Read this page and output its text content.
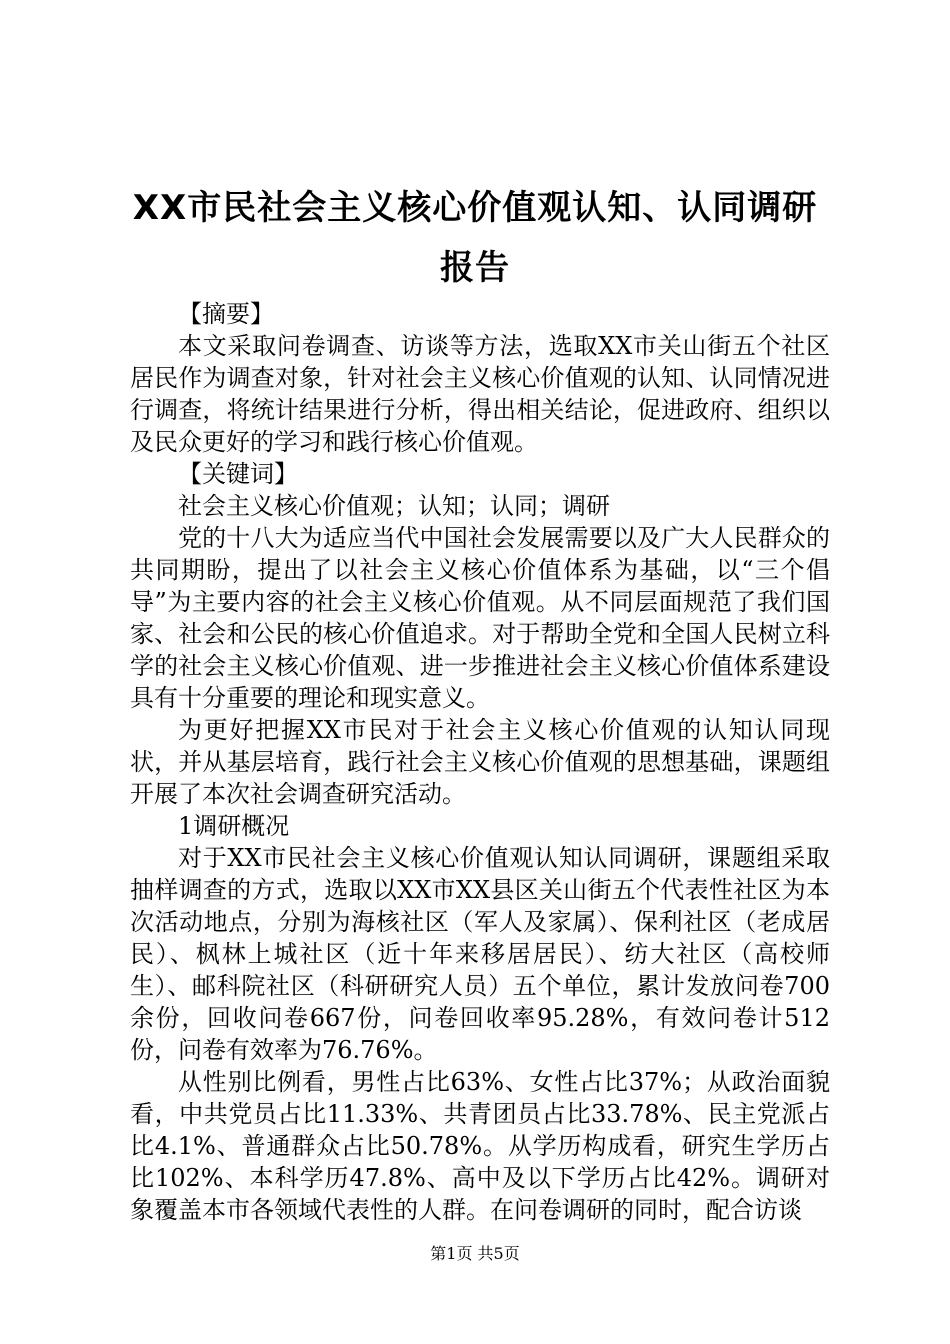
XX市民社会主义核心价值观认知、认同调研报告

【摘要】

本文采取问卷调查、访谈等方法，选取XX市关山街五个社区居民作为调查对象，针对社会主义核心价值观的认知、认同情况进行调查，将统计结果进行分析，得出相关结论，促进政府、组织以及民众更好的学习和践行核心价值观。

【关键词】

社会主义核心价值观；认知；认同；调研

党的十八大为适应当代中国社会发展需要以及广大人民群众的共同期盼，提出了以社会主义核心价值体系为基础，以“三个倡导”为主要内容的社会主义核心价值观。从不同层面规范了我们国家、社会和公民的核心价值追求。对于帮助全党和全国人民树立科学的社会主义核心价值观、进一步推进社会主义核心价值体系建设具有十分重要的理论和现实意义。

为更好把握XX市民对于社会主义核心价值观的认知认同现状，并从基层培育，践行社会主义核心价值观的思想基础，课题组开展了本次社会调查研究活动。

1调研概况

对于XX市民社会主义核心价值观认知认同调研，课题组采取抽样调查的方式，选取以XX市XX县区关山街五个代表性社区为本次活动地点，分别为海核社区（军人及家属）、保利社区（老成居民）、枫林上城社区（近十年来移居居民）、纺大社区（高校师生）、邮科院社区（科研研究人员）五个单位，累计发放问卷700余份，回收问卷667份，问卷回收率95.28%，有效问卷计512份，问卷有效率为76.76%。

从性别比例看，男性占比63%、女性占比37%；从政治面貌看，中共党员占比11.33%、共青团员占比33.78%、民主党派占比4.1%、普通群众占比50.78%。从学历构成看，研究生学历占比102%、本科学历47.8%、高中及以下学历占比42%。调研对象覆盖本市各领域代表性的人群。在问卷调研的同时，配合访谈

第1页 共5页
